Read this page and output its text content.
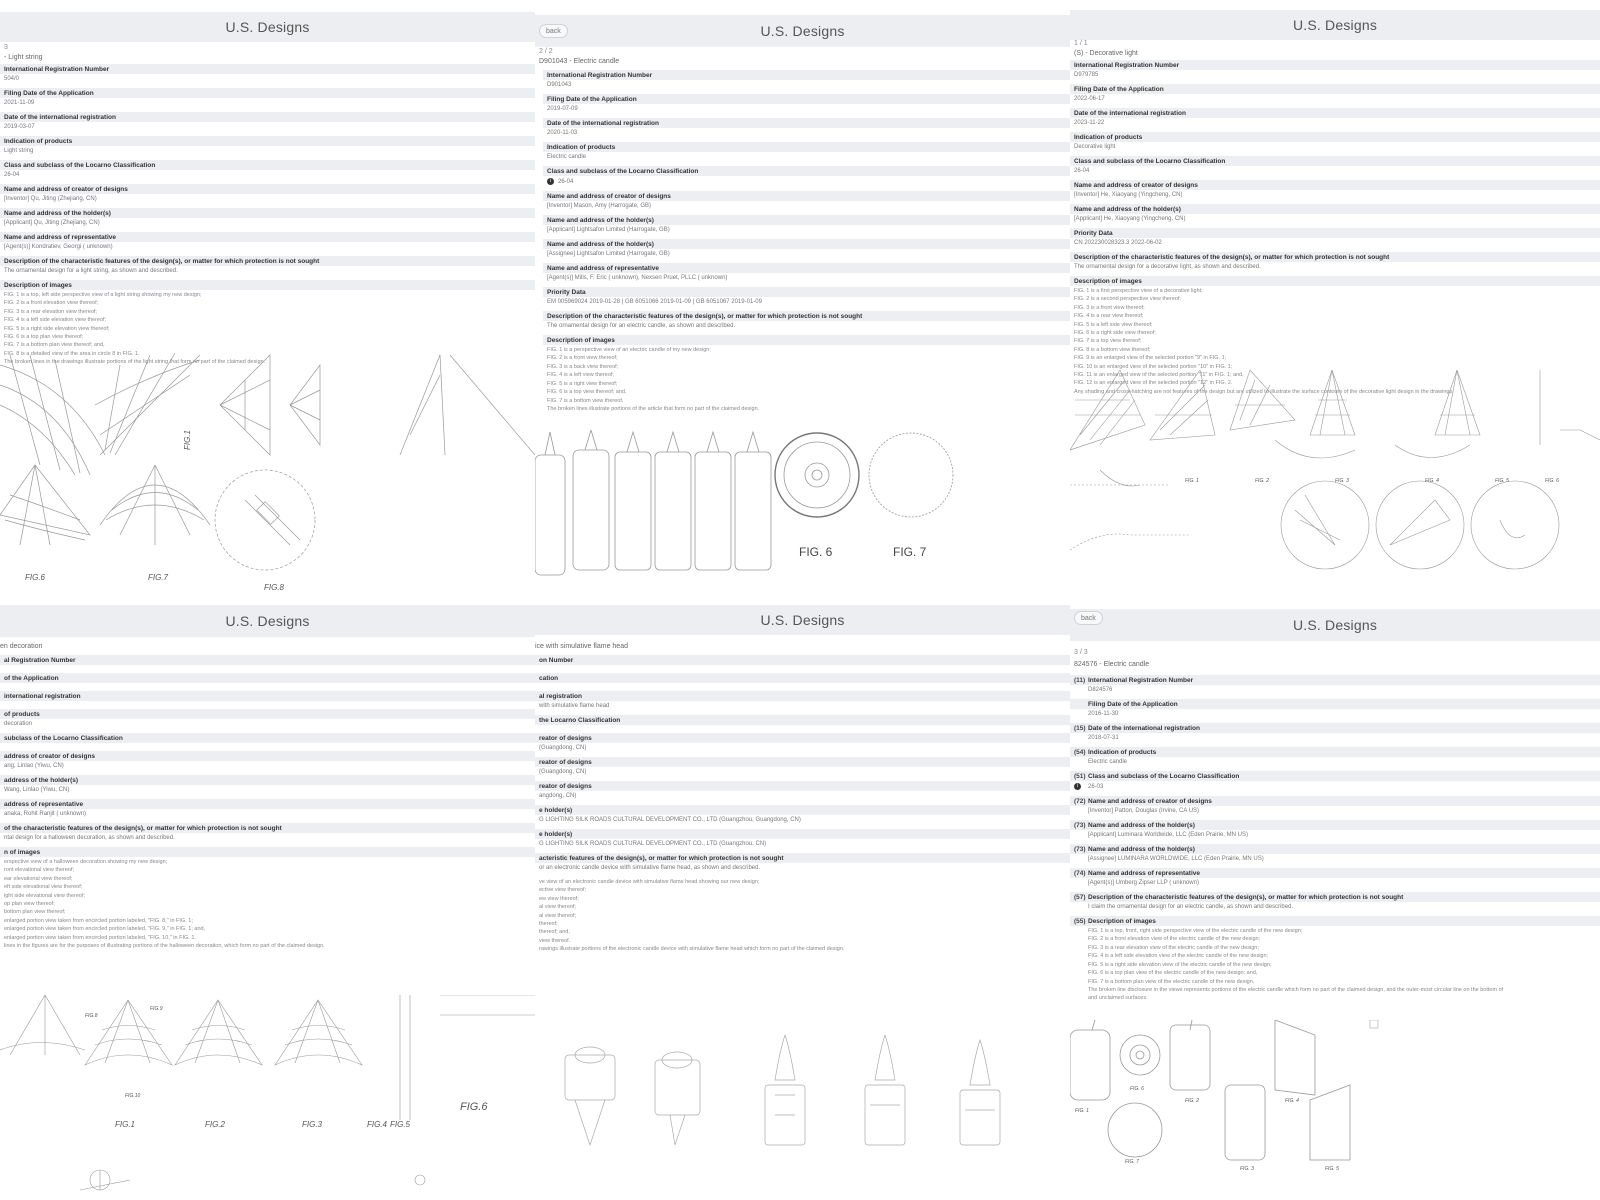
U.S. Designs
3
- Light string
International Registration Number
504/0
Filing Date of the Application
2021-11-09
Date of the international registration
2019-03-07
Indication of products
Light string
Class and subclass of the Locarno Classification
26-04
Name and address of creator of designs
[Inventor] Qu, Jiting (Zhejiang, CN)
Name and address of the holder(s)
[Applicant] Qu, Jiting (Zhejiang, CN)
Name and address of representative
[Agent(s)] Kondratiev, Georgi ( unknown)
Description of the characteristic features of the design(s), or matter for which protection is not sought
The ornamental design for a light string, as shown and described.
Description of images
FIG. 1 is a top, left side perspective view of a light string showing my new design;
FIG. 2 is a front elevation view thereof;
FIG. 3 is a rear elevation view thereof;
FIG. 4 is a left side elevation view thereof;
FIG. 5 is a right side elevation view thereof;
FIG. 6 is a top plan view thereof;
FIG. 7 is a bottom plan view thereof; and,
FIG. 8 is a detailed view of the area in circle 8 in FIG. 1.
The broken lines in the drawings illustrate portions of the light string that form no part of the claimed design.
FIG.6	FIG.7
FIG.8
FIG.1
U.S. Designs
back
2 / 2
D901043 - Electric candle
International Registration Number
D901043
Filing Date of the Application
2019-07-09
Date of the international registration
2020-11-03
Indication of products
Electric candle
Class and subclass of the Locarno Classification
i 26-04
Name and address of creator of designs
[Inventor] Mason, Amy (Harrogate, GB)
Name and address of the holder(s)
[Applicant] Lightsafon Limited (Harrogate, GB)
Name and address of the holder(s)
[Assignee] Lightsafon Limited (Harrogate, GB)
Name and address of representative
[Agent(s)] Mills, F. Eric ( unknown), Nexsen Pruet, PLLC ( unknown)
Priority Data
EM 005969024 2019-01-28 | GB 6051066 2019-01-09 | GB 6051067 2019-01-09
Description of the characteristic features of the design(s), or matter for which protection is not sought
The ornamental design for an electric candle, as shown and described.
Description of images
FIG. 1 is a perspective view of an electric candle of my new design;
FIG. 2 is a front view thereof;
FIG. 3 is a back view thereof;
FIG. 4 is a left view thereof;
FIG. 5 is a right view thereof;
FIG. 6 is a top view thereof; and,
FIG. 7 is a bottom view thereof.
The broken lines illustrate portions of the article that form no part of the claimed design.
FIG. 6	FIG. 7
U.S. Designs
1 / 1
(S) - Decorative light
International Registration Number
D979785
Filing Date of the Application
2022-06-17
Date of the international registration
2023-11-22
Indication of products
Decorative light
Class and subclass of the Locarno Classification
26-04
Name and address of creator of designs
[Inventor] He, Xiaoyang (Yingcheng, CN)
Name and address of the holder(s)
[Applicant] He, Xiaoyang (Yingcheng, CN)
Priority Data
CN 202230028323.3 2022-06-02
Description of the characteristic features of the design(s), or matter for which protection is not sought
The ornamental design for a decorative light, as shown and described.
Description of images
FIG. 1 is a first perspective view of a decorative light;
FIG. 2 is a second perspective view thereof;
FIG. 3 is a front view thereof;
FIG. 4 is a rear view thereof;
FIG. 5 is a left side view thereof;
FIG. 6 is a right side view thereof;
FIG. 7 is a top view thereof;
FIG. 8 is a bottom view thereof;
FIG. 9 is an enlarged view of the selected portion "9" in FIG. 1;
FIG. 10 is an enlarged view of the selected portion "10" in FIG. 1;
FIG. 11 is an enlarged view of the selected portion "11" in FIG. 1; and,
FIG. 12 is an enlarged view of the selected portion "12" in FIG. 2.
Any shading and cross-hatching are not features of the design but are utilized to illustrate the surface contours of the decorative light design in the drawings.
FIG. 1	FIG. 2	FIG. 3	FIG. 4	FIG. 5	FIG. 6
U.S. Designs
en decoration
al Registration Number
of the Application
international registration
of products
decoration
subclass of the Locarno Classification
address of creator of designs
ang, Linlao (Yiwu, CN)
address of the holder(s)
Wang, Linlao (Yiwu, CN)
address of representative
anaka, Rohit Ranjit ( unknown)
of the characteristic features of the design(s), or matter for which protection is not sought
ntal design for a halloween decoration, as shown and described.
n of images
erspective view of a halloween decoration showing my new design;
ront elevational view thereof;
ear elevational view thereof;
eft side elevational view thereof;
ight side elevational view thereof;
op plan view thereof;
bottom plan view thereof;
enlarged portion view taken from encircled portion labeled, "FIG. 8," in FIG. 1;
enlarged portion view taken from encircled portion labeled, "FIG. 9," in FIG. 1; and,
enlarged portion view taken from encircled portion labeled, "FIG. 10," in FIG. 1.
lines in the figures are for the purposes of illustrating portions of the halloween decoration, which form no part of the claimed design.
FIG.1	FIG.2	FIG.3	FIG.4 FIG.5
FIG.6
FIG.8
FIG.9
FIG.10
U.S. Designs
ice with simulative flame head
on Number
cation
al registration
with simulative flame head
the Locarno Classification
reator of designs
(Guangdong, CN)
reator of designs
(Guangdong, CN)
reator of designs
angdong, CN)
e holder(s)
G LIGHTING SILK ROADS CULTURAL DEVELOPMENT CO., LTD (Guangzhou, Guangdong, CN)
e holder(s)
G LIGHTING SILK ROADS CULTURAL DEVELOPMENT CO., LTD (Guangzhou, CN)
acteristic features of the design(s), or matter for which protection is not sought
or an electronic candle device with simulative flame head, as shown and described.
ve view of an electronic candle device with simulative flame head showing our new design;
ective view thereof;
ew view thereof;
al view thereof;
al view thereof;
thereof;
thereof; and,
view thereof.
rawings illustrate portions of the electronic candle device with simulative flame head which form no part of the claimed design.
U.S. Designs
back
3 / 3
824576 - Electric candle
(11) International Registration Number
D824576
Filing Date of the Application
2016-11-30
(15) Date of the international registration
2018-07-31
(54) Indication of products
Electric candle
(51) Class and subclass of the Locarno Classification
i 26-03
(72) Name and address of creator of designs
[Inventor] Patton, Douglas (Irvine, CA US)
(73) Name and address of the holder(s)
[Applicant] Luminara Worldwide, LLC (Eden Prairie, MN US)
(73) Name and address of the holder(s)
[Assignee] LUMINARA WORLDWIDE, LLC (Eden Prairie, MN US)
(74) Name and address of representative
[Agent(s)] Umberg Zipser LLP ( unknown)
(57) Description of the characteristic features of the design(s), or matter for which protection is not sought
I claim the ornamental design for an electric candle, as shown and described.
(55) Description of images
FIG. 1 is a top, front, right side perspective view of the electric candle of the new design;
FIG. 2 is a front elevation view of the electric candle of the new design;
FIG. 3 is a rear elevation view of the electric candle of the new design;
FIG. 4 is a left side elevation view of the electric candle of the new design;
FIG. 5 is a right side elevation view of the electric candle of the new design;
FIG. 6 is a top plan view of the electric candle of the new design; and,
FIG. 7 is a bottom plan view of the electric candle of the new design.
The broken line disclosure in the views represents portions of the electric candle which form no part of the claimed design, and the outer-most circular line on the bottom of
and unclaimed surfaces.
FIG. 1
FIG. 2
FIG. 3
FIG. 4
FIG. 5
FIG. 6
FIG. 7
